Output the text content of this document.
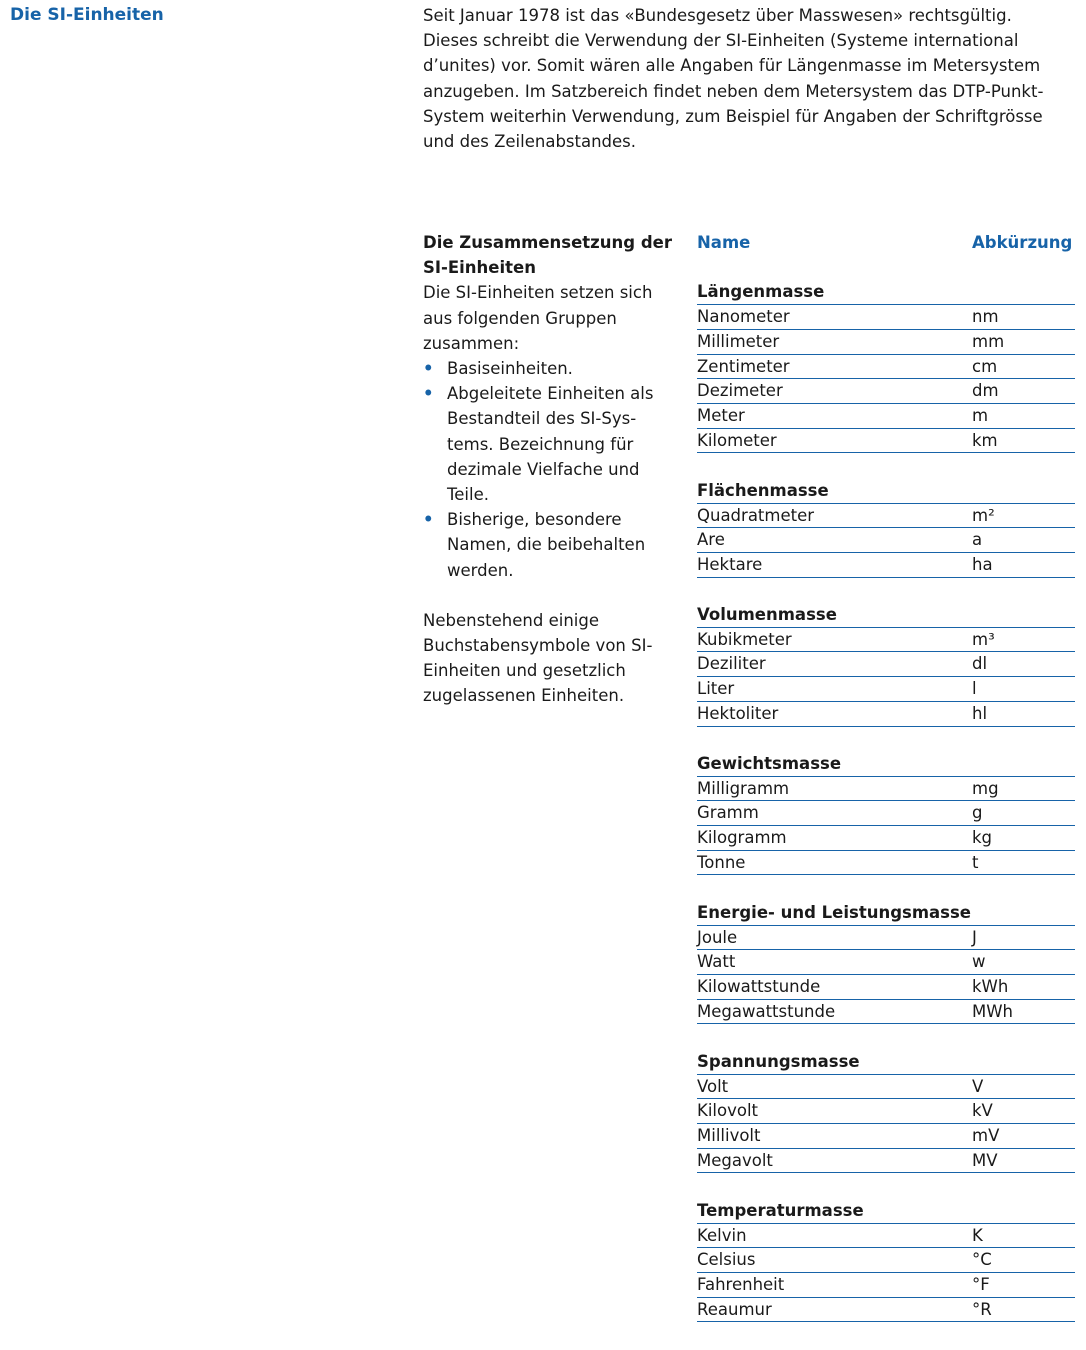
Die SI-Einheiten	Seit Januar 1978 ist das «Bundesgesetz über Masswesen» rechtsgültig. Dieses schreibt die Verwendung der SI-Einheiten (Systeme international d’unites) vor. Somit wären alle Angaben für Längenmasse im Metersystem anzugeben. Im Satzbereich findet neben dem Metersystem das DTP-Punkt-System weiterhin Verwendung, zum Beispiel für Angaben der Schriftgrösse und des Zeilenabstandes.

Die Zusammensetzung der SI-Einheiten

Die SI-Einheiten setzen sich aus folgenden Gruppen zusammen:

• Basiseinheiten.
• Abgeleitete Einheiten als Bestandteil des SI-Systems. Bezeichnung für dezimale Vielfache und Teile.
• Bisherige, besondere Namen, die beibehalten werden.

Nebenstehend einige Buchstabensymbole von SI-Einheiten und gesetzlich zugelassenen Einheiten.

Name	Abkürzung
Längenmasse
Nanometer	nm
Millimeter	mm
Zentimeter	cm
Dezimeter	dm
Meter	m
Kilometer	km
Flächenmasse
Quadratmeter	m²
Are	a
Hektare	ha
Volumenmasse
Kubikmeter	m³
Deziliter	dl
Liter	l
Hektoliter	hl
Gewichtsmasse
Milligramm	mg
Gramm	g
Kilogramm	kg
Tonne	t
Energie- und Leistungsmasse
Joule	J
Watt	w
Kilowattstunde	kWh
Megawattstunde	MWh
Spannungsmasse
Volt	V
Kilovolt	kV
Millivolt	mV
Megavolt	MV
Temperaturmasse
Kelvin	K
Celsius	°C
Fahrenheit	°F
Reaumur	°R
